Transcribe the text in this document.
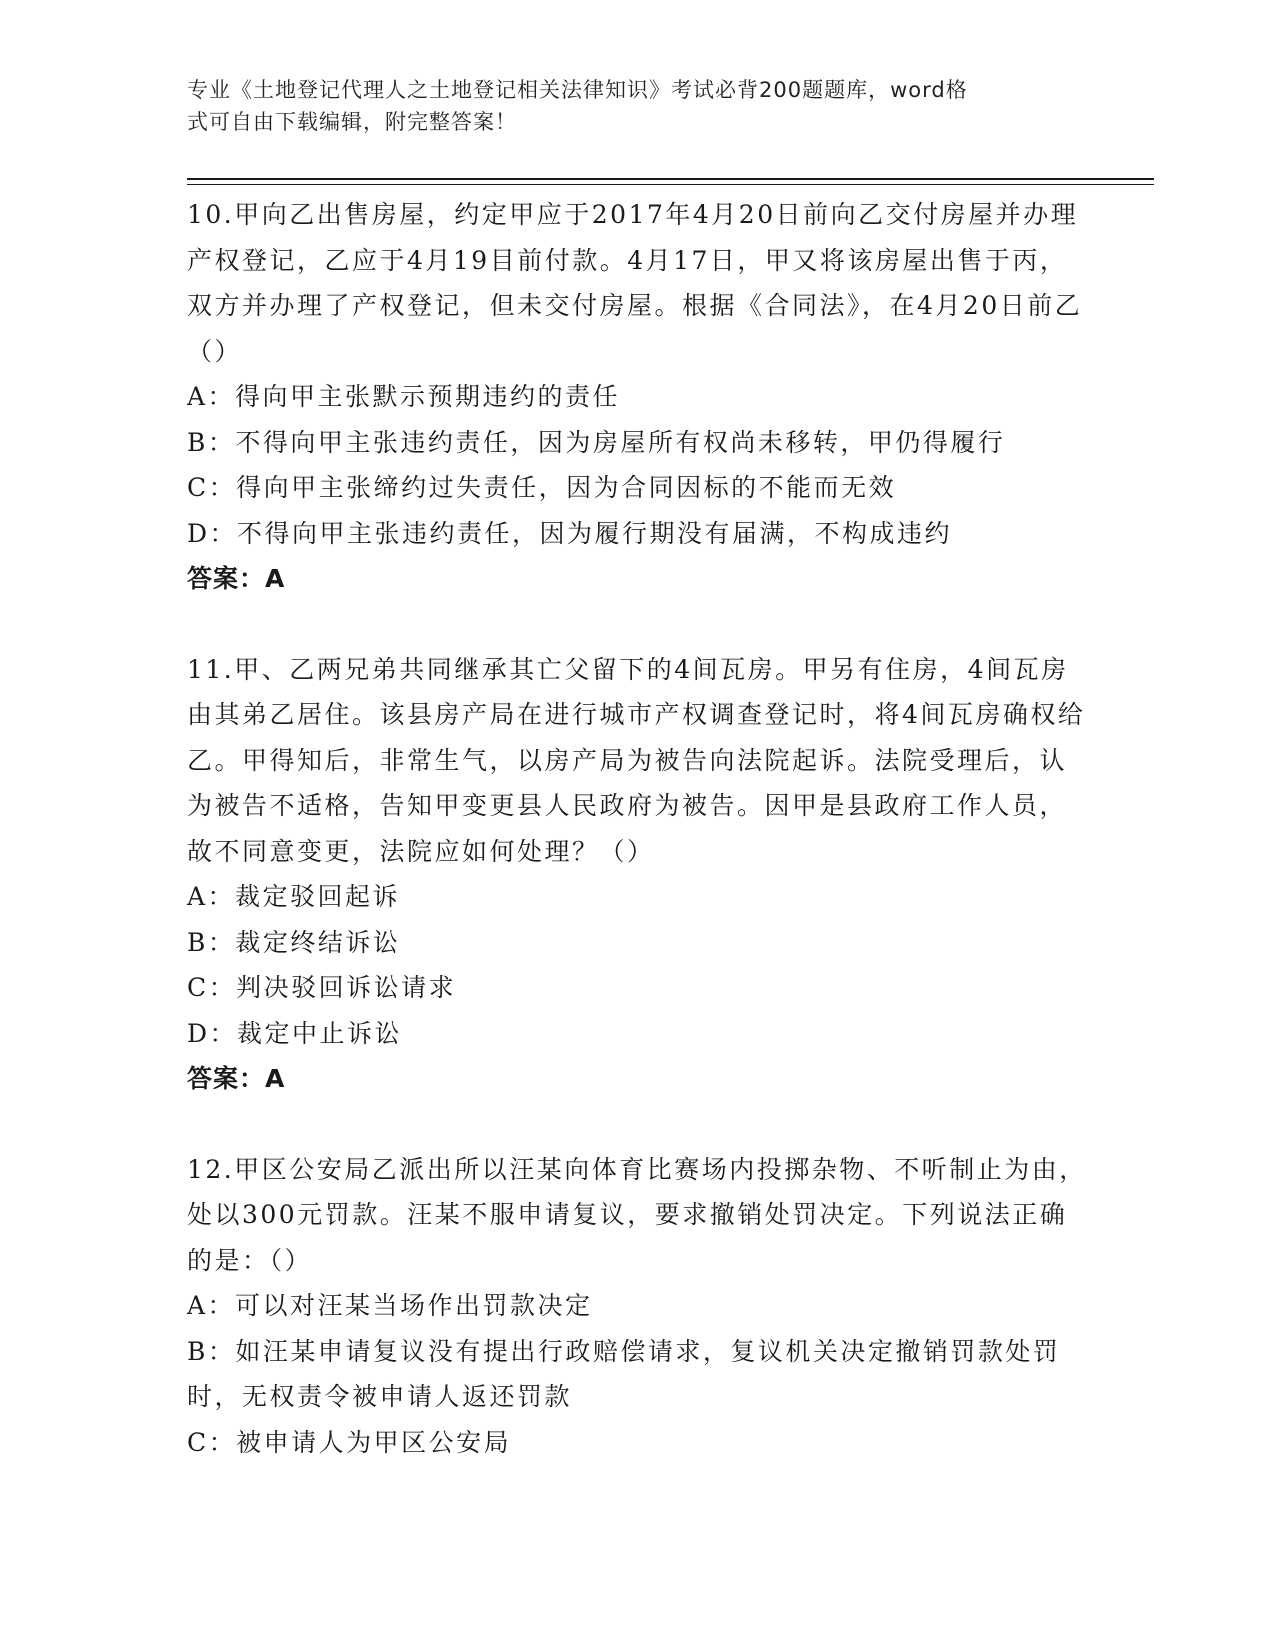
专业《土地登记代理人之土地登记相关法律知识》考试必背200题题库，word格
式可自由下载编辑，附完整答案！

10.甲向乙出售房屋，约定甲应于2017年4月20日前向乙交付房屋并办理产权登记，乙应于4月19目前付款。4月17日，甲又将该房屋出售于丙，双方并办理了产权登记，但未交付房屋。根据《合同法》，在4月20日前乙（）

A：得向甲主张默示预期违约的责任

B：不得向甲主张违约责任，因为房屋所有权尚未移转，甲仍得履行

C：得向甲主张缔约过失责任，因为合同因标的不能而无效

D：不得向甲主张违约责任，因为履行期没有届满，不构成违约

答案：A

11.甲、乙两兄弟共同继承其亡父留下的4间瓦房。甲另有住房，4间瓦房由其弟乙居住。该县房产局在进行城市产权调查登记时，将4间瓦房确权给乙。甲得知后，非常生气，以房产局为被告向法院起诉。法院受理后，认为被告不适格，告知甲变更县人民政府为被告。因甲是县政府工作人员，故不同意变更，法院应如何处理？（）

A：裁定驳回起诉

B：裁定终结诉讼

C：判决驳回诉讼请求

D：裁定中止诉讼

答案：A

12.甲区公安局乙派出所以汪某向体育比赛场内投掷杂物、不听制止为由，处以300元罚款。汪某不服申请复议，要求撤销处罚决定。下列说法正确的是：（）

A：可以对汪某当场作出罚款决定

B：如汪某申请复议没有提出行政赔偿请求，复议机关决定撤销罚款处罚时，无权责令被申请人返还罚款

C：被申请人为甲区公安局
